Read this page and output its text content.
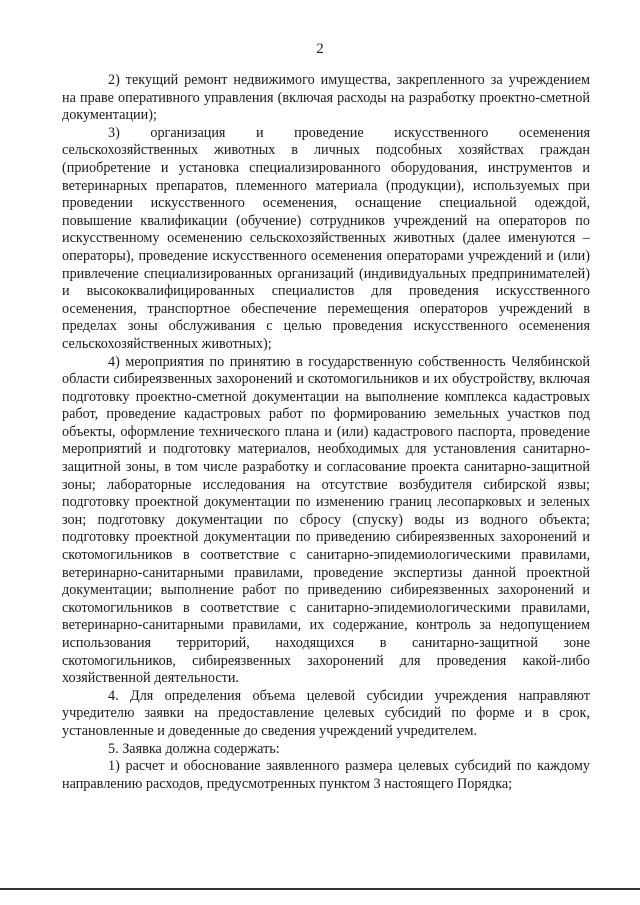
2

2) текущий ремонт недвижимого имущества, закрепленного за учреждением на праве оперативного управления (включая расходы на разработку проектно-сметной документации);

3) организация и проведение искусственного осеменения сельскохозяйственных животных в личных подсобных хозяйствах граждан (приобретение и установка специализированного оборудования, инструментов и ветеринарных препаратов, племенного материала (продукции), используемых при проведении искусственного осеменения, оснащение специальной одеждой, повышение квалификации (обучение) сотрудников учреждений на операторов по искусственному осеменению сельскохозяйственных животных (далее именуются – операторы), проведение искусственного осеменения операторами учреждений и (или) привлечение специализированных организаций (индивидуальных предпринимателей) и высококвалифицированных специалистов для проведения искусственного осеменения, транспортное обеспечение перемещения операторов учреждений в пределах зоны обслуживания с целью проведения искусственного осеменения сельскохозяйственных животных);

4) мероприятия по принятию в государственную собственность Челябинской области сибиреязвенных захоронений и скотомогильников и их обустройству, включая подготовку проектно-сметной документации на выполнение комплекса кадастровых работ, проведение кадастровых работ по формированию земельных участков под объекты, оформление технического плана и (или) кадастрового паспорта, проведение мероприятий и подготовку материалов, необходимых для установления санитарно-защитной зоны, в том числе разработку и согласование проекта санитарно-защитной зоны; лабораторные исследования на отсутствие возбудителя сибирской язвы; подготовку проектной документации по изменению границ лесопарковых и зеленых зон; подготовку документации по сбросу (спуску) воды из водного объекта; подготовку проектной документации по приведению сибиреязвенных захоронений и скотомогильников в соответствие с санитарно-эпидемиологическими правилами, ветеринарно-санитарными правилами, проведение экспертизы данной проектной документации; выполнение работ по приведению сибиреязвенных захоронений и скотомогильников в соответствие с санитарно-эпидемиологическими правилами, ветеринарно-санитарными правилами, их содержание, контроль за недопущением использования территорий, находящихся в санитарно-защитной зоне скотомогильников, сибиреязвенных захоронений для проведения какой-либо хозяйственной деятельности.

4. Для определения объема целевой субсидии учреждения направляют учредителю заявки на предоставление целевых субсидий по форме и в срок, установленные и доведенные до сведения учреждений учредителем.

5. Заявка должна содержать:

1) расчет и обоснование заявленного размера целевых субсидий по каждому направлению расходов, предусмотренных пунктом 3 настоящего Порядка;
